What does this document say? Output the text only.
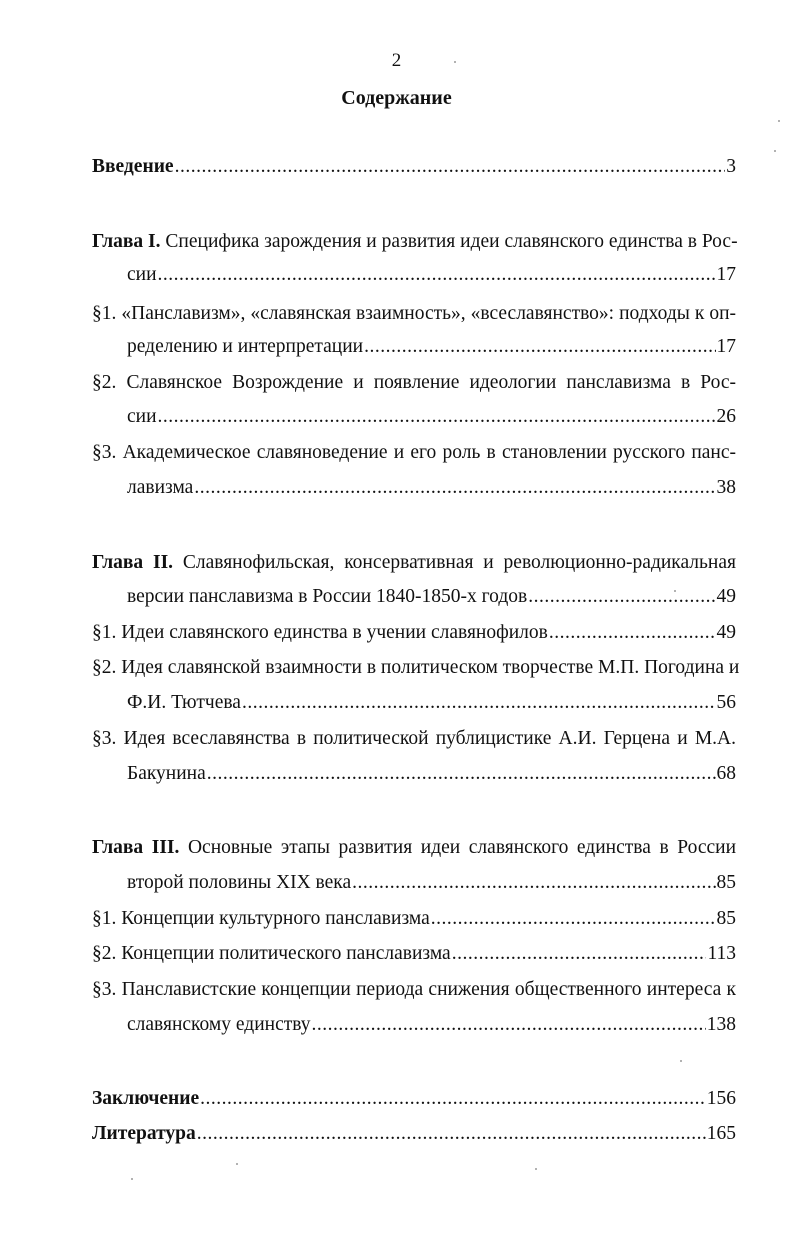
2
Содержание
Введение .....	3
Глава I. Специфика зарождения и развития идеи славянского единства в Рос-
сии .....	17
§1. «Панславизм», «славянская взаимность», «всеславянство»: подходы к оп-
ределению и интерпретации .....	17
§2. Славянское Возрождение и появление идеологии панславизма в Рос-
сии .....	26
§3. Академическое славяноведение и его роль в становлении русского панс-
лавизма .....	38
Глава II. Славянофильская, консервативная и революционно-радикальная
версии панславизма в России 1840-1850-х годов .....	49
§1. Идеи славянского единства в учении славянофилов .....	49
§2. Идея славянской взаимности в политическом творчестве М.П. Погодина и
Ф.И. Тютчева .....	56
§3. Идея всеславянства в политической публицистике А.И. Герцена и М.А.
Бакунина .....	68
Глава III. Основные этапы развития идеи славянского единства в России
второй половины XIX века .....	85
§1. Концепции культурного панславизма .....	85
§2. Концепции политического панславизма .....	113
§3. Панславистские концепции периода снижения общественного интереса к
славянскому единству .....	138
Заключение .....	156
Литература .....	165
